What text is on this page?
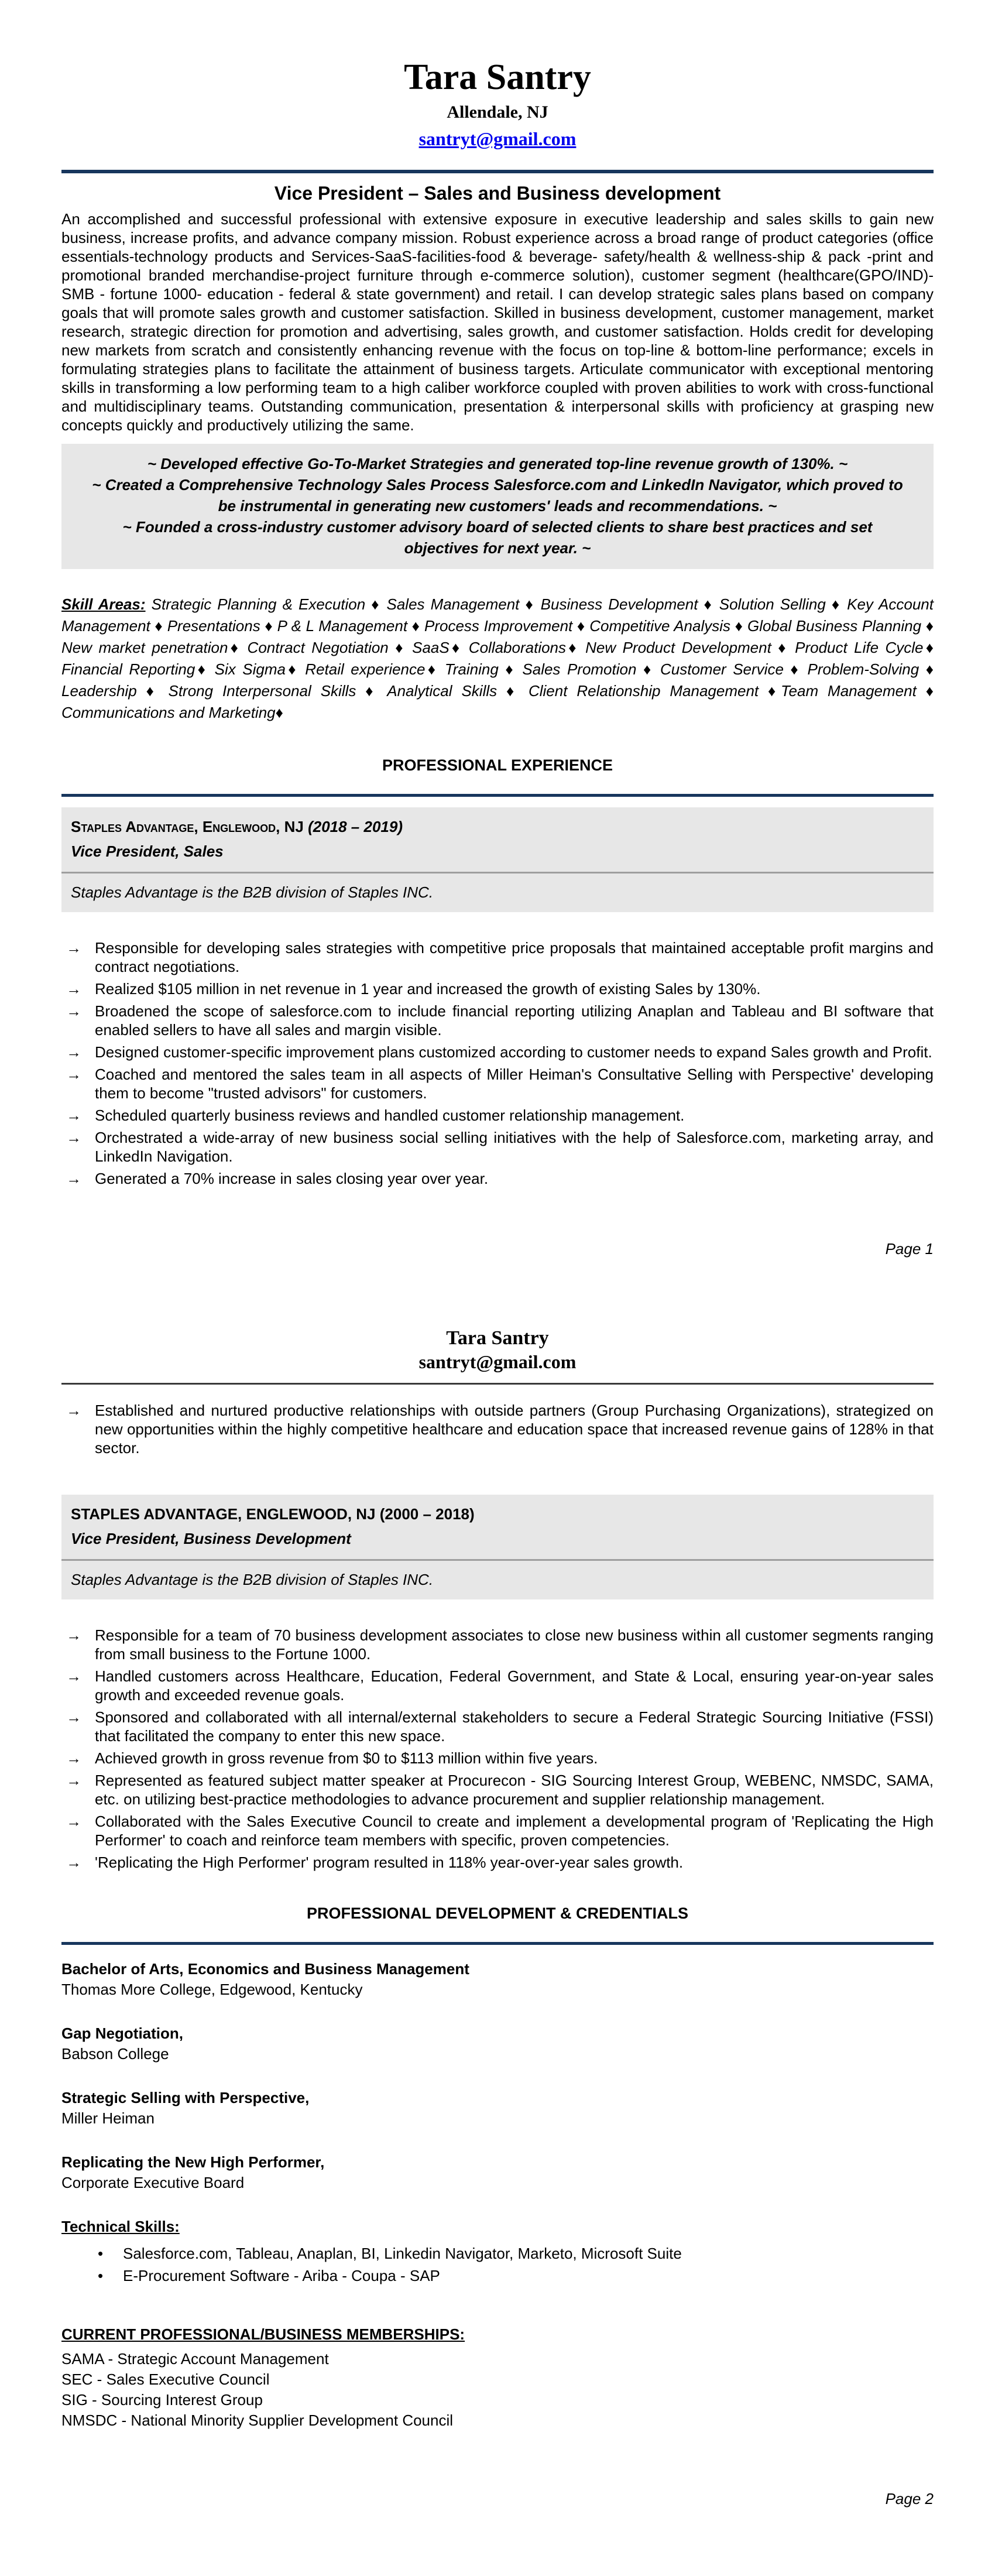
Tara Santry
Allendale, NJ
santryt@gmail.com
Vice President – Sales and Business development
An accomplished and successful professional with extensive exposure in executive leadership and sales skills to gain new business, increase profits, and advance company mission. Robust experience across a broad range of product categories (office essentials-technology products and Services-SaaS-facilities-food & beverage- safety/health & wellness-ship & pack -print and promotional branded merchandise-project furniture through e-commerce solution), customer segment (healthcare(GPO/IND)-SMB - fortune 1000- education - federal & state government) and retail. I can develop strategic sales plans based on company goals that will promote sales growth and customer satisfaction. Skilled in business development, customer management, market research, strategic direction for promotion and advertising, sales growth, and customer satisfaction. Holds credit for developing new markets from scratch and consistently enhancing revenue with the focus on top-line & bottom-line performance; excels in formulating strategies plans to facilitate the attainment of business targets. Articulate communicator with exceptional mentoring skills in transforming a low performing team to a high caliber workforce coupled with proven abilities to work with cross-functional and multidisciplinary teams. Outstanding communication, presentation & interpersonal skills with proficiency at grasping new concepts quickly and productively utilizing the same.
~ Developed effective Go-To-Market Strategies and generated top-line revenue growth of 130%. ~
~ Created a Comprehensive Technology Sales Process Salesforce.com and LinkedIn Navigator, which proved to be instrumental in generating new customers' leads and recommendations. ~
~ Founded a cross-industry customer advisory board of selected clients to share best practices and set objectives for next year. ~
Skill Areas: Strategic Planning & Execution ♦ Sales Management ♦ Business Development ♦ Solution Selling ♦ Key Account Management ♦ Presentations ♦ P & L Management ♦ Process Improvement ♦ Competitive Analysis ♦ Global Business Planning ♦ New market penetration♦ Contract Negotiation ♦ SaaS♦ Collaborations♦ New Product Development ♦ Product Life Cycle♦ Financial Reporting♦ Six Sigma♦ Retail experience♦ Training ♦ Sales Promotion ♦ Customer Service ♦ Problem-Solving ♦ Leadership ♦ Strong Interpersonal Skills ♦ Analytical Skills ♦ Client Relationship Management ♦Team Management ♦ Communications and Marketing♦
PROFESSIONAL EXPERIENCE
Staples Advantage, Englewood, NJ (2018 – 2019)
Vice President, Sales
Staples Advantage is the B2B division of Staples INC.
→ Responsible for developing sales strategies with competitive price proposals that maintained acceptable profit margins and contract negotiations.
→ Realized $105 million in net revenue in 1 year and increased the growth of existing Sales by 130%.
→ Broadened the scope of salesforce.com to include financial reporting utilizing Anaplan and Tableau and BI software that enabled sellers to have all sales and margin visible.
→ Designed customer-specific improvement plans customized according to customer needs to expand Sales growth and Profit.
→ Coached and mentored the sales team in all aspects of Miller Heiman's Consultative Selling with Perspective' developing them to become "trusted advisors" for customers.
→ Scheduled quarterly business reviews and handled customer relationship management.
→ Orchestrated a wide-array of new business social selling initiatives with the help of Salesforce.com, marketing array, and LinkedIn Navigation.
→ Generated a 70% increase in sales closing year over year.
Page 1
Tara Santry
santryt@gmail.com
→ Established and nurtured productive relationships with outside partners (Group Purchasing Organizations), strategized on new opportunities within the highly competitive healthcare and education space that increased revenue gains of 128% in that sector.
STAPLES ADVANTAGE, ENGLEWOOD, NJ (2000 – 2018)
Vice President, Business Development
Staples Advantage is the B2B division of Staples INC.
→ Responsible for a team of 70 business development associates to close new business within all customer segments ranging from small business to the Fortune 1000.
→ Handled customers across Healthcare, Education, Federal Government, and State & Local, ensuring year-on-year sales growth and exceeded revenue goals.
→ Sponsored and collaborated with all internal/external stakeholders to secure a Federal Strategic Sourcing Initiative (FSSI) that facilitated the company to enter this new space.
→ Achieved growth in gross revenue from $0 to $113 million within five years.
→ Represented as featured subject matter speaker at Procurecon - SIG Sourcing Interest Group, WEBENC, NMSDC, SAMA, etc. on utilizing best-practice methodologies to advance procurement and supplier relationship management.
→ Collaborated with the Sales Executive Council to create and implement a developmental program of 'Replicating the High Performer' to coach and reinforce team members with specific, proven competencies.
→ 'Replicating the High Performer' program resulted in 118% year-over-year sales growth.
PROFESSIONAL DEVELOPMENT & CREDENTIALS
Bachelor of Arts, Economics and Business Management
Thomas More College, Edgewood, Kentucky
Gap Negotiation,
Babson College
Strategic Selling with Perspective,
Miller Heiman
Replicating the New High Performer,
Corporate Executive Board
Technical Skills:
• Salesforce.com, Tableau, Anaplan, BI, Linkedin Navigator, Marketo, Microsoft Suite
• E-Procurement Software - Ariba - Coupa - SAP
CURRENT PROFESSIONAL/BUSINESS MEMBERSHIPS:
SAMA - Strategic Account Management
SEC - Sales Executive Council
SIG - Sourcing Interest Group
NMSDC - National Minority Supplier Development Council
Page 2
